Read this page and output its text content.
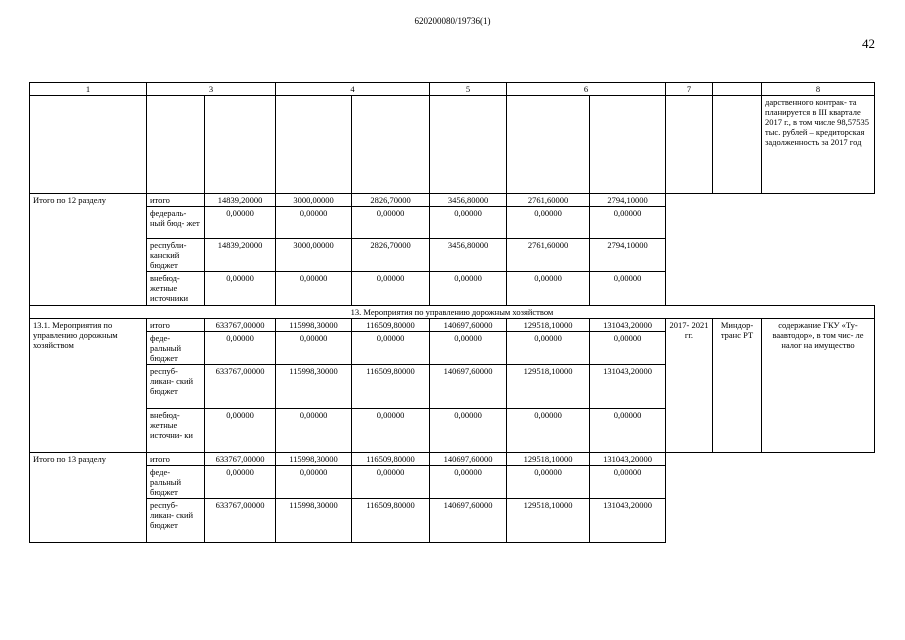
620200080/19736(1)
42
1	3		4		5	6		7		8
										дарственного контрак- та планируется в III квартале 2017 г., в том числе 98,57535 тыс. рублей – кредиторская задолженность за 2017 год
Итого по 12 разделу	итого	14839,20000	3000,00000	2826,70000	3456,80000	2761,60000	2794,10000			
	федераль- ный бюд- жет	0,00000	0,00000	0,00000	0,00000	0,00000	0,00000			
	республи- канский бюджет	14839,20000	3000,00000	2826,70000	3456,80000	2761,60000	2794,10000			
	внебюд- жетные источники	0,00000	0,00000	0,00000	0,00000	0,00000	0,00000			
13. Мероприятия по управлению дорожным хозяйством										
13.1. Мероприятия по управлению дорожным хозяйством	итого	633767,00000	115998,30000	116509,80000	140697,60000	129518,10000	131043,20000	2017- 2021 гг.	Миндор- транс РТ	содержание ГКУ «Ту- ваавтодор», в том чис- ле налог на имущество
	феде- ральный бюджет	0,00000	0,00000	0,00000	0,00000	0,00000	0,00000			
	респуб- ликан- ский бюджет	633767,00000	115998,30000	116509,80000	140697,60000	129518,10000	131043,20000			
	внебюд- жетные источни- ки	0,00000	0,00000	0,00000	0,00000	0,00000	0,00000			
Итого по 13 разделу	итого	633767,00000	115998,30000	116509,80000	140697,60000	129518,10000	131043,20000			
	феде- ральный бюджет	0,00000	0,00000	0,00000	0,00000	0,00000	0,00000			
	респуб- ликан- ский бюджет	633767,00000	115998,30000	116509,80000	140697,60000	129518,10000	131043,20000			
